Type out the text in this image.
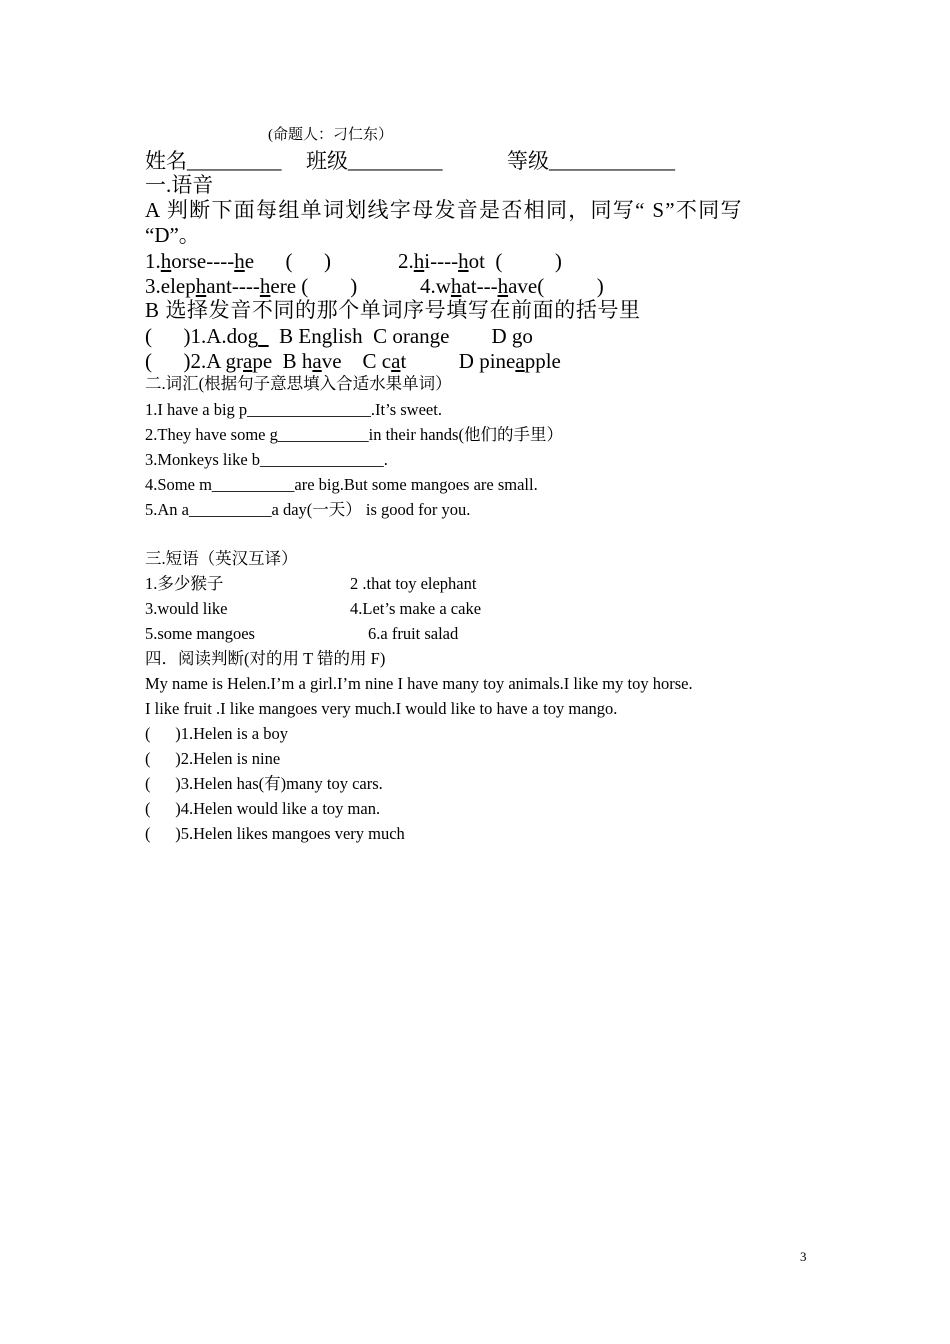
(命题人：刁仁东）
姓名_________ 班级_________	等级____________
一.语音
A 判断下面每组单词划线字母发音是否相同，同写“ S”不同写
“D”。
1.horse----he      (      )	2.hi----hot  (          )
3.elephant----here (        )	4.what---have(          )
B 选择发音不同的那个单词序号填写在前面的括号里
(      )1.A.dog    B English  C orange        D go
(      )2.A grape  B have    C cat          D pineapple
二.词汇(根据句子意思填入合适水果单词）
1.I have a big p_______________.It’s sweet.
2.They have some g___________in their hands(他们的手里）
3.Monkeys like b_______________.
4.Some m__________are big.But some mangoes are small.
5.An a__________a day(一天） is good for you.
三.短语（英汉互译）
1.多少猴子	2 .that toy elephant
3.would like	4.Let’s make a cake
5.some mangoes	6.a fruit salad
四．阅读判断(对的用 T 错的用 F)
My name is Helen.I’m a girl.I’m nine I have many toy animals.I like my toy horse.
I like fruit .I like mangoes very much.I would like to have a toy mango.
(      )1.Helen is a boy
(      )2.Helen is nine
(      )3.Helen has(有)many toy cars.
(      )4.Helen would like a toy man.
(      )5.Helen likes mangoes very much
3
